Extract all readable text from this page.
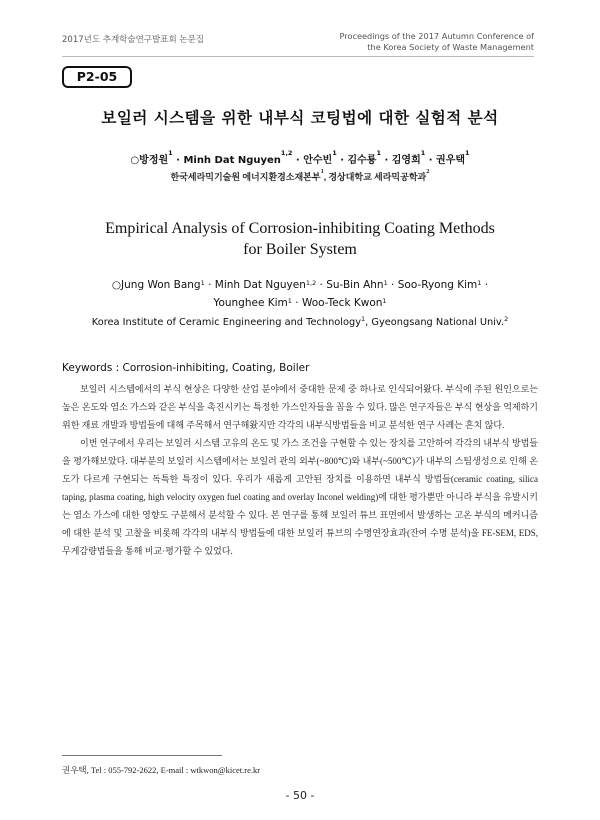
2017년도 추계학술연구발표회 논문집	Proceedings of the 2017 Autumn Conference of
the Korea Society of Waste Management
P2-05
보일러 시스템을 위한 내부식 코팅법에 대한 실험적 분석
○방정원$^1$ · Minh Dat Nguyen$^{1,2}$ · 안수빈$^1$ · 김수룡$^1$ · 김영희$^1$ · 권우택$^1$
한국세라믹기술원 에너지환경소재본부$^1$, 경상대학교 세라믹공학과$^2$
Empirical Analysis of Corrosion-inhibiting Coating Methods
for Boiler System
○Jung Won Bang$^1$ · Minh Dat Nguyen$^{1,2}$ · Su-Bin Ahn$^1$ · Soo-Ryong Kim$^1$ ·
Younghee Kim$^1$ · Woo-Teck Kwon$^1$
Korea Institute of Ceramic Engineering and Technology$^1$, Gyeongsang National Univ.$^2$
Keywords : Corrosion-inhibiting, Coating, Boiler

보일러 시스템에서의 부식 현상은 다양한 산업 분야에서 중대한 문제 중 하나로 인식되어왔다. 부식에 주된 원인으로는 높은 온도와 염소 가스와 같은 부식을 촉진시키는 특정한 가스인자들을 꼽을 수 있다. 많은 연구자들은 부식 현상을 억제하기 위한 재료 개발과 방법들에 대해 주목해서 연구해왔지만 각각의 내부식방법들을 비교 분석한 연구 사례는 흔치 않다.

이번 연구에서 우리는 보일러 시스템 고유의 온도 및 가스 조건을 구현할 수 있는 장치를 고안하여 각각의 내부식 방법들을 평가해보았다. 대부분의 보일러 시스템에서는 보일러 관의 외부(~800℃)와 내부(~500℃)가 내부의 스팀생성으로 인해 온도가 다르게 구현되는 독특한 특징이 있다. 우리가 새롭게 고안된 장치를 이용하면 내부식 방법들(ceramic coating, silica taping, plasma coating, high velocity oxygen fuel coating and overlay Inconel welding)에 대한 평가뿐만 아니라 부식을 유발시키는 염소 가스에 대한 영향도 구분해서 분석할 수 있다. 본 연구를 통해 보일러 튜브 표면에서 발생하는 고온 부식의 메커니즘에 대한 분석 및 고찰을 비롯해 각각의 내부식 방법들에 대한 보일러 튜브의 수명연장효과(잔여 수명 분석)을 FE-SEM, EDS, 무게감량법들을 통해 비교·평가할 수 있었다.

권우택, Tel : 055-792-2622, E-mail : wtkwon@kicet.re.kr
- 50 -
